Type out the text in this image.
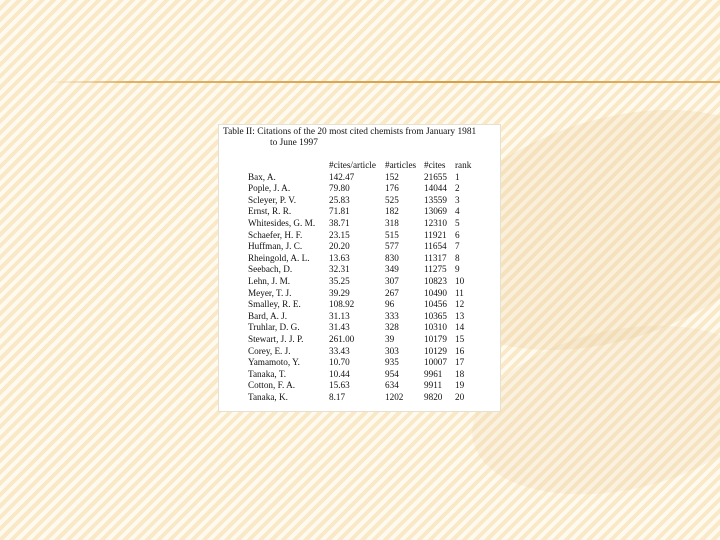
Table II: Citations of the 20 most cited chemists from January 1981
to June 1997
	#cites/article	#articles	#cites	rank
Bax, A.	142.47	152	21655	1
Pople, J. A.	79.80	176	14044	2
Scleyer, P. V.	25.83	525	13559	3
Ernst, R. R.	71.81	182	13069	4
Whitesides, G. M.	38.71	318	12310	5
Schaefer, H. F.	23.15	515	11921	6
Huffman, J. C.	20.20	577	11654	7
Rheingold, A. L.	13.63	830	11317	8
Seebach, D.	32.31	349	11275	9
Lehn, J. M.	35.25	307	10823	10
Meyer, T. J.	39.29	267	10490	11
Smalley, R. E.	108.92	96	10456	12
Bard, A. J.	31.13	333	10365	13
Truhlar, D. G.	31.43	328	10310	14
Stewart, J. J. P.	261.00	39	10179	15
Corey, E. J.	33.43	303	10129	16
Yamamoto, Y.	10.70	935	10007	17
Tanaka, T.	10.44	954	9961	18
Cotton, F. A.	15.63	634	9911	19
Tanaka, K.	8.17	1202	9820	20
